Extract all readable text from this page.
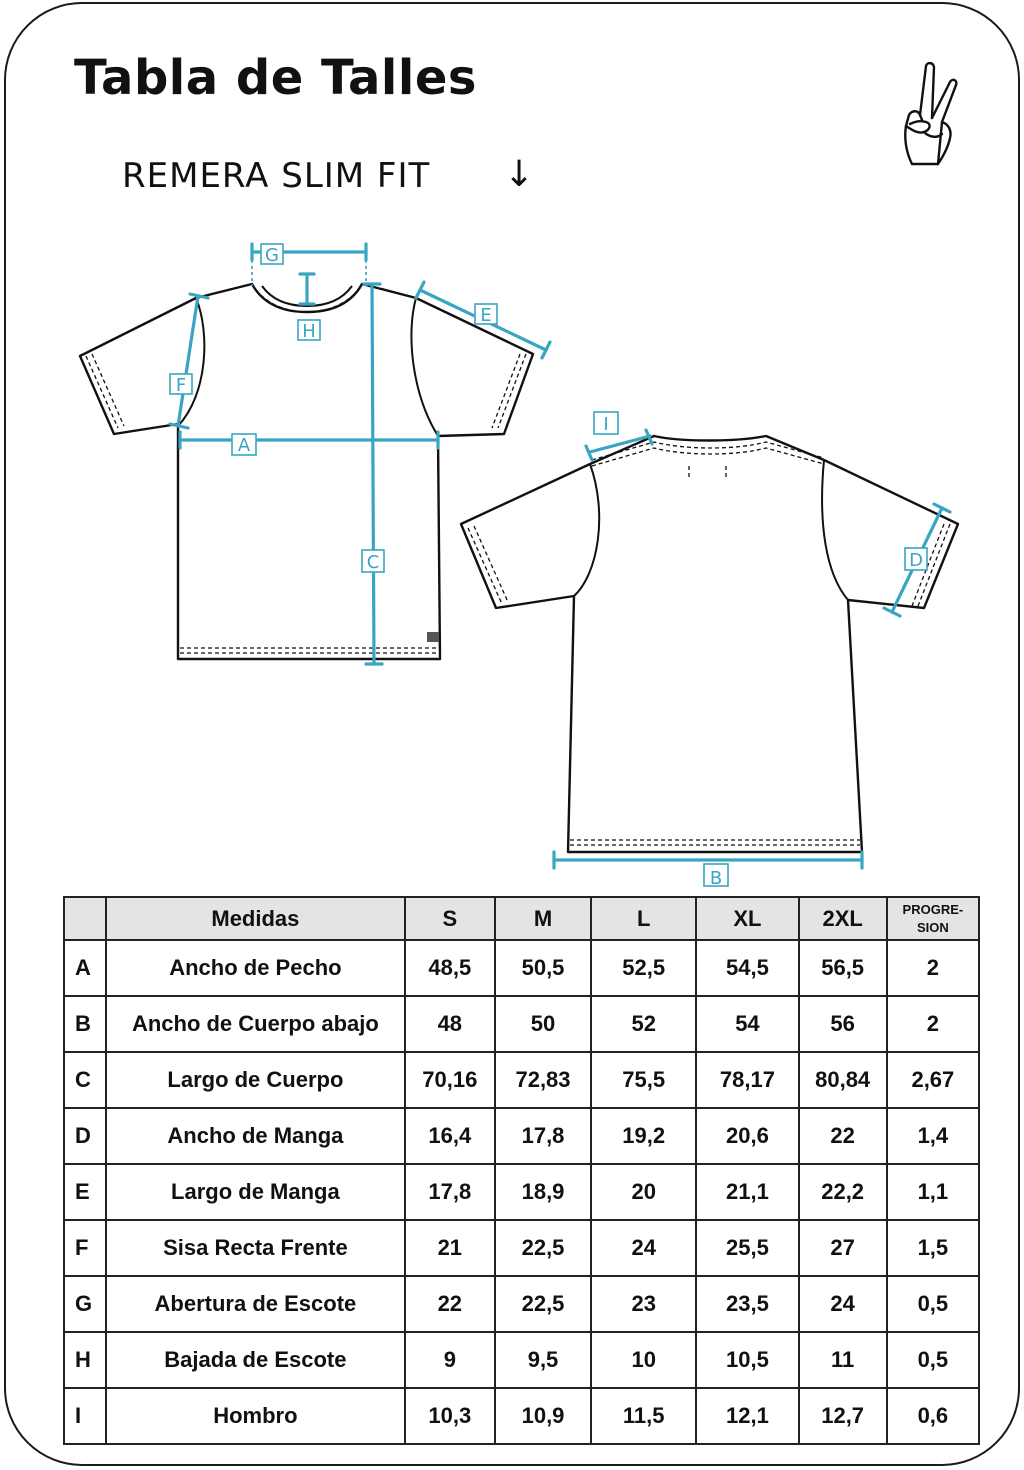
Tabla de Talles
REMERA SLIM FIT ↓
G
H
E
F
A
C
I
D
B
	Medidas	S	M	L	XL	2XL	PROGRE-
SION
A	Ancho de Pecho	48,5	50,5	52,5	54,5	56,5	2
B	Ancho de Cuerpo abajo	48	50	52	54	56	2
C	Largo de Cuerpo	70,16	72,83	75,5	78,17	80,84	2,67
D	Ancho de Manga	16,4	17,8	19,2	20,6	22	1,4
E	Largo de Manga	17,8	18,9	20	21,1	22,2	1,1
F	Sisa Recta Frente	21	22,5	24	25,5	27	1,5
G	Abertura de Escote	22	22,5	23	23,5	24	0,5
H	Bajada de Escote	9	9,5	10	10,5	11	0,5
I	Hombro	10,3	10,9	11,5	12,1	12,7	0,6
